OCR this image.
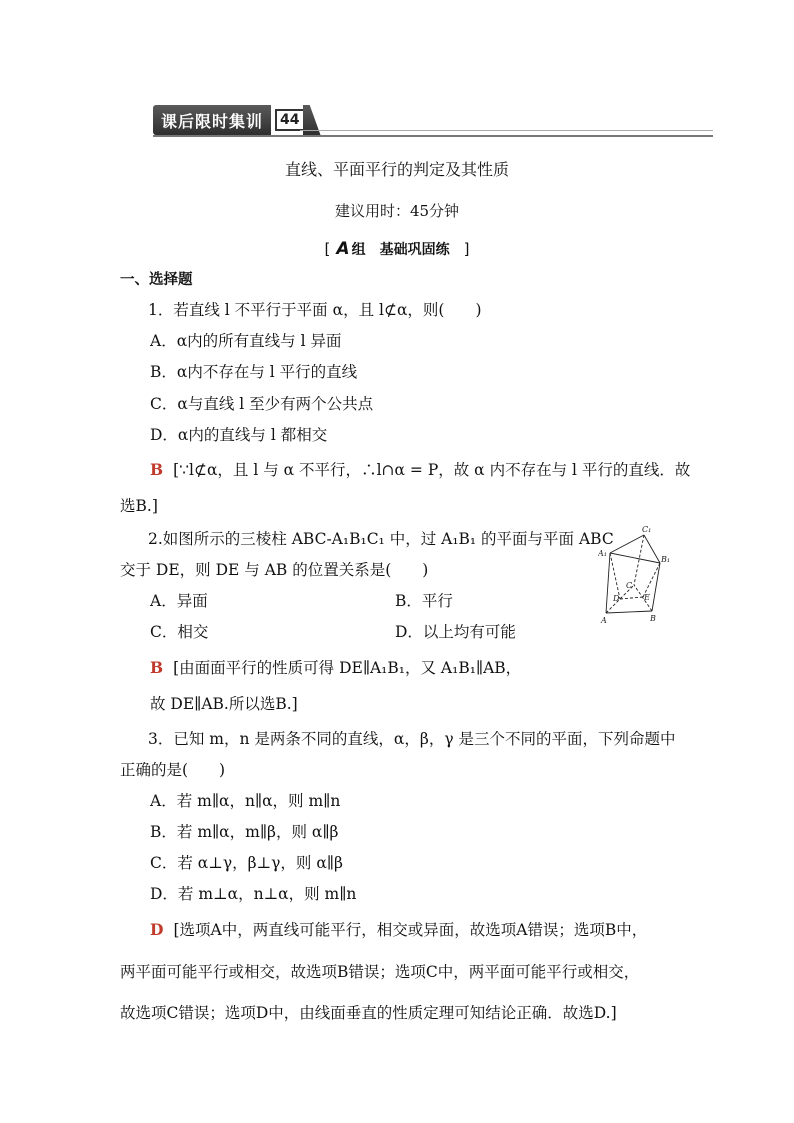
课后限时集训	44
直线、平面平行的判定及其性质
建议用时：45分钟
[ A 组　基础巩固练　 ]
一、选择题
1．若直线 l 不平行于平面 α，且 l⊄α，则(　　)
A．α内的所有直线与 l 异面
B．α内不存在与 l 平行的直线
C．α与直线 l 至少有两个公共点
D．α内的直线与 l 都相交
B [∵l⊄α，且 l 与 α 不平行，∴l∩α = P，故 α 内不存在与 l 平行的直线．故
选B.]
2.如图所示的三棱柱 ABC-A₁B₁C₁ 中，过 A₁B₁ 的平面与平面 ABC
交于 DE，则 DE 与 AB 的位置关系是(　　)
A．异面	B．平行
C．相交	D．以上均有可能
B [由面面平行的性质可得 DE∥A₁B₁，又 A₁B₁∥AB，
故 DE∥AB.所以选B.]
C₁
A₁
B₁
C
D	E
A	B
3．已知 m，n 是两条不同的直线，α，β，γ 是三个不同的平面，下列命题中
正确的是(　　)
A．若 m∥α，n∥α，则 m∥n
B．若 m∥α，m∥β，则 α∥β
C．若 α⊥γ，β⊥γ，则 α∥β
D．若 m⊥α，n⊥α，则 m∥n
D [选项A中，两直线可能平行，相交或异面，故选项A错误；选项B中，
两平面可能平行或相交，故选项B错误；选项C中，两平面可能平行或相交，
故选项C错误；选项D中，由线面垂直的性质定理可知结论正确．故选D.]
